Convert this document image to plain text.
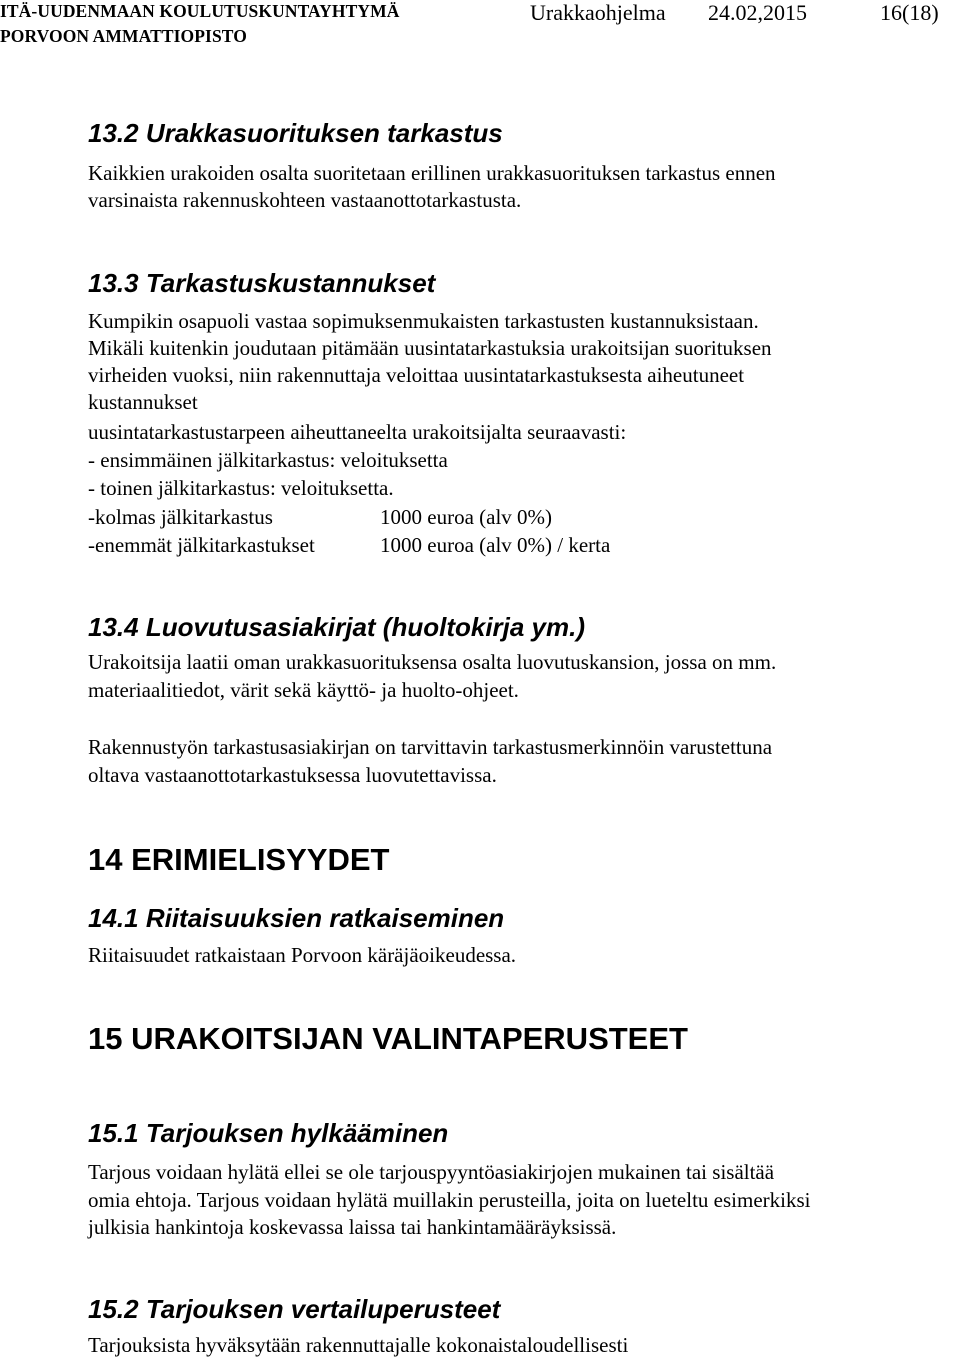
ITÄ-UUDENMAAN KOULUTUSKUNTAYHTYMÄ
PORVOON AMMATTIOPISTO
Urakkaohjelma 24.02,2015	16(18)
13.2 Urakkasuorituksen tarkastus
Kaikkien urakoiden osalta suoritetaan erillinen urakkasuorituksen tarkastus ennen
varsinaista rakennuskohteen vastaanottotarkastusta.
13.3 Tarkastuskustannukset
Kumpikin osapuoli vastaa sopimuksenmukaisten tarkastusten kustannuksistaan.
Mikäli kuitenkin joudutaan pitämään uusintatarkastuksia urakoitsijan suorituksen
virheiden vuoksi, niin rakennuttaja veloittaa uusintatarkastuksesta aiheutuneet
kustannukset
uusintatarkastustarpeen aiheuttaneelta urakoitsijalta seuraavasti:
- ensimmäinen jälkitarkastus: veloituksetta
- toinen jälkitarkastus: veloituksetta.
-kolmas jälkitarkastus	1000 euroa (alv 0%)
-enemmät jälkitarkastukset	1000 euroa (alv 0%) / kerta
13.4 Luovutusasiakirjat (huoltokirja ym.)
Urakoitsija laatii oman urakkasuorituksensa osalta luovutuskansion, jossa on mm.
materiaalitiedot, värit sekä käyttö- ja huolto-ohjeet.
Rakennustyön tarkastusasiakirjan on tarvittavin tarkastusmerkinnöin varustettuna
oltava vastaanottotarkastuksessa luovutettavissa.
14 ERIMIELISYYDET
14.1 Riitaisuuksien ratkaiseminen
Riitaisuudet ratkaistaan Porvoon käräjäoikeudessa.
15 URAKOITSIJAN VALINTAPERUSTEET
15.1 Tarjouksen hylkääminen
Tarjous voidaan hylätä ellei se ole tarjouspyyntöasiakirjojen mukainen tai sisältää
omia ehtoja. Tarjous voidaan hylätä muillakin perusteilla, joita on lueteltu esimerkiksi
julkisia hankintoja koskevassa laissa tai hankintamääräyksissä.
15.2 Tarjouksen vertailuperusteet
Tarjouksista hyväksytään rakennuttajalle kokonaistaloudellisesti
